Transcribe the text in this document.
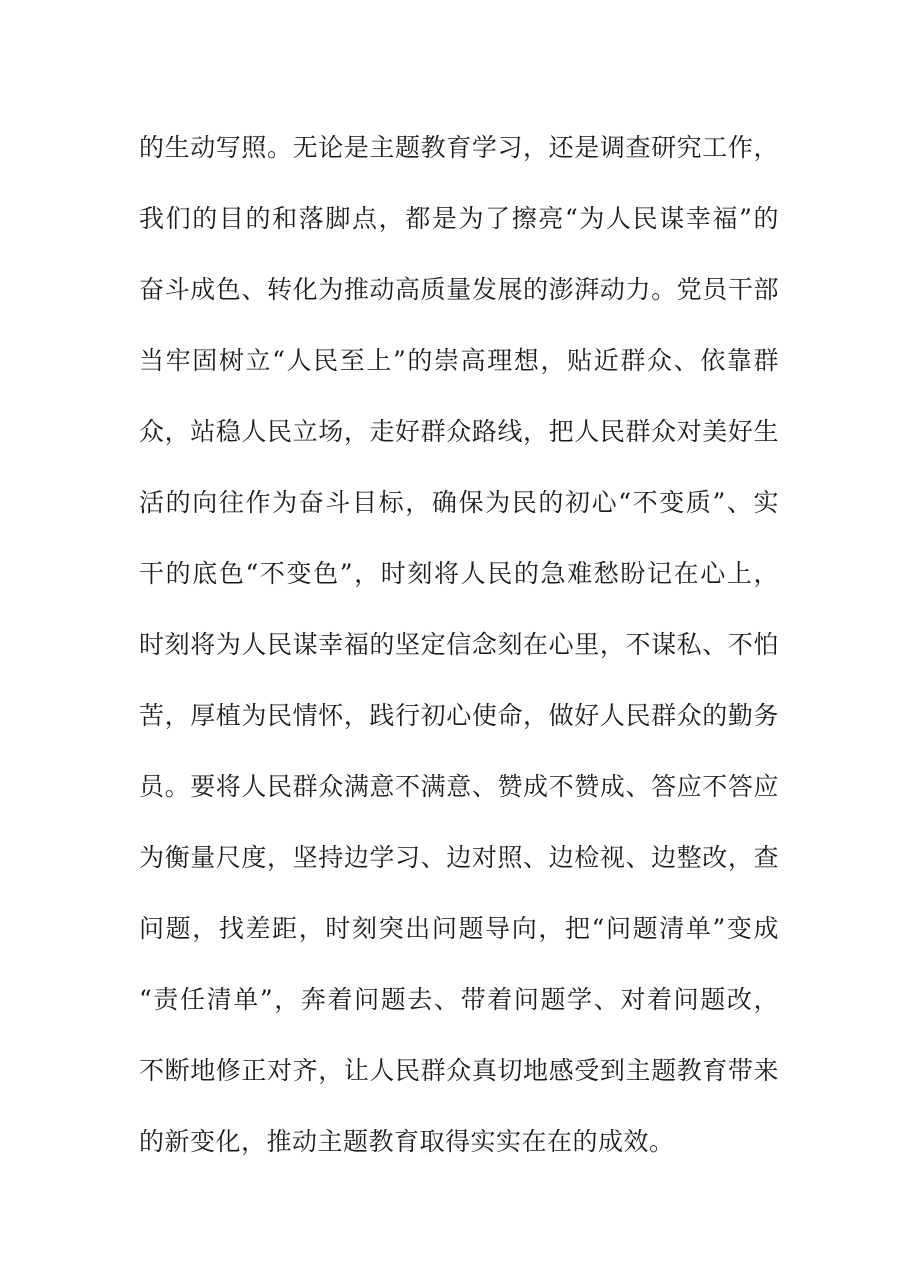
的生动写照。无论是主题教育学习，还是调查研究工作，
我们的目的和落脚点，都是为了擦亮“为人民谋幸福”的
奋斗成色、转化为推动高质量发展的澎湃动力。党员干部
当牢固树立“人民至上”的崇高理想，贴近群众、依靠群
众，站稳人民立场，走好群众路线，把人民群众对美好生
活的向往作为奋斗目标，确保为民的初心“不变质”、实
干的底色“不变色”，时刻将人民的急难愁盼记在心上，
时刻将为人民谋幸福的坚定信念刻在心里，不谋私、不怕
苦，厚植为民情怀，践行初心使命，做好人民群众的勤务
员。要将人民群众满意不满意、赞成不赞成、答应不答应
为衡量尺度，坚持边学习、边对照、边检视、边整改，查
问题，找差距，时刻突出问题导向，把“问题清单”变成
“责任清单”，奔着问题去、带着问题学、对着问题改，
不断地修正对齐，让人民群众真切地感受到主题教育带来
的新变化，推动主题教育取得实实在在的成效。
